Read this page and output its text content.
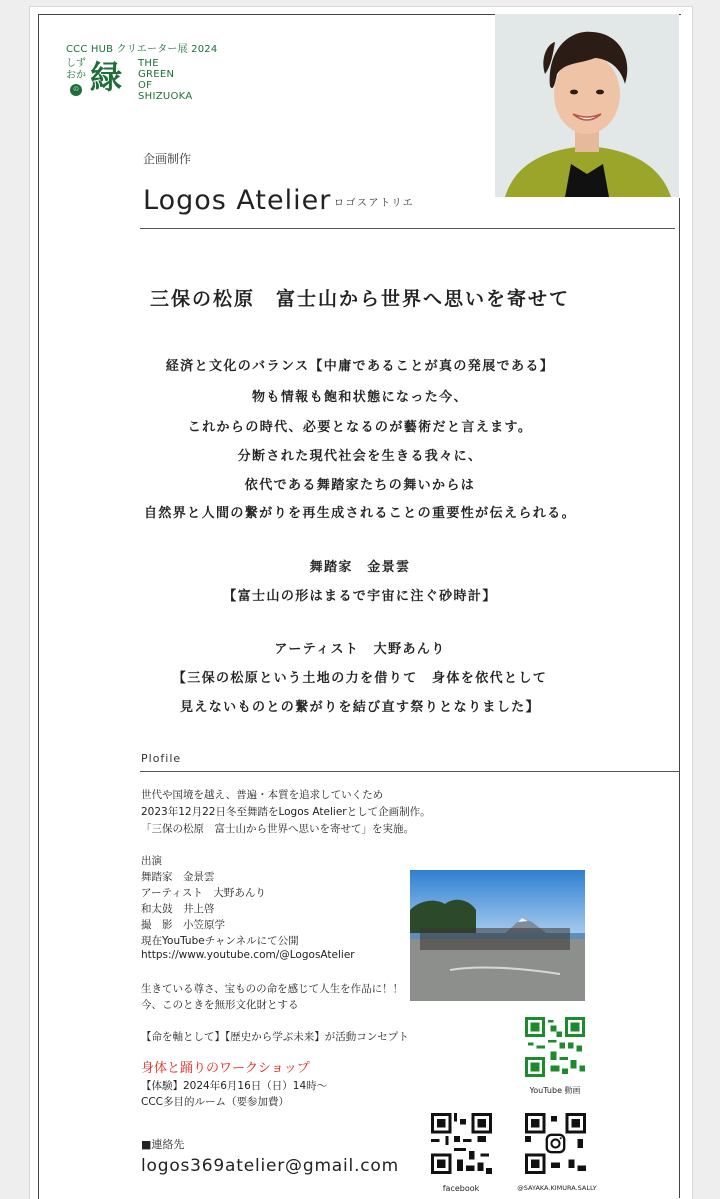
CCC HUB クリエーター展 2024
しず
おか
の 緑 THE
GREEN
OF
SHIZUOKA
企画制作
Logos Atelier ロゴスアトリエ
三保の松原　富士山から世界へ思いを寄せて
経済と文化のバランス【中庸であることが真の発展である】
物も情報も飽和状態になった今、
これからの時代、必要となるのが藝術だと言えます。
分断された現代社会を生きる我々に、
依代である舞踏家たちの舞いからは
自然界と人間の繋がりを再生成されることの重要性が伝えられる。
舞踏家　金景雲
【富士山の形はまるで宇宙に注ぐ砂時計】
アーティスト　大野あんり
【三保の松原という土地の力を借りて　身体を依代として
見えないものとの繋がりを結び直す祭りとなりました】
Plofile
世代や国境を越え、普遍・本質を追求していくため
2023年12月22日冬至舞踏をLogos Atelierとして企画制作。
「三保の松原　富士山から世界へ思いを寄せて」を実施。
出演
舞踏家　金景雲
アーティスト　大野あんり
和太鼓　井上啓
撮　影　小笠原学
現在YouTubeチャンネルにて公開
https://www.youtube.com/@LogosAtelier
生きている尊さ、宝ものの命を感じて人生を作品に！！
今、このときを無形文化財とする
【命を軸として】【歴史から学ぶ未来】が活動コンセプト
身体と踊りのワークショップ
【体験】2024年6月16日（日）14時～
CCC多目的ルーム（要参加費）
■連絡先
logos369atelier@gmail.com
YouTube 動画
facebook	@SAYAKA.KIMURA.SALLY
